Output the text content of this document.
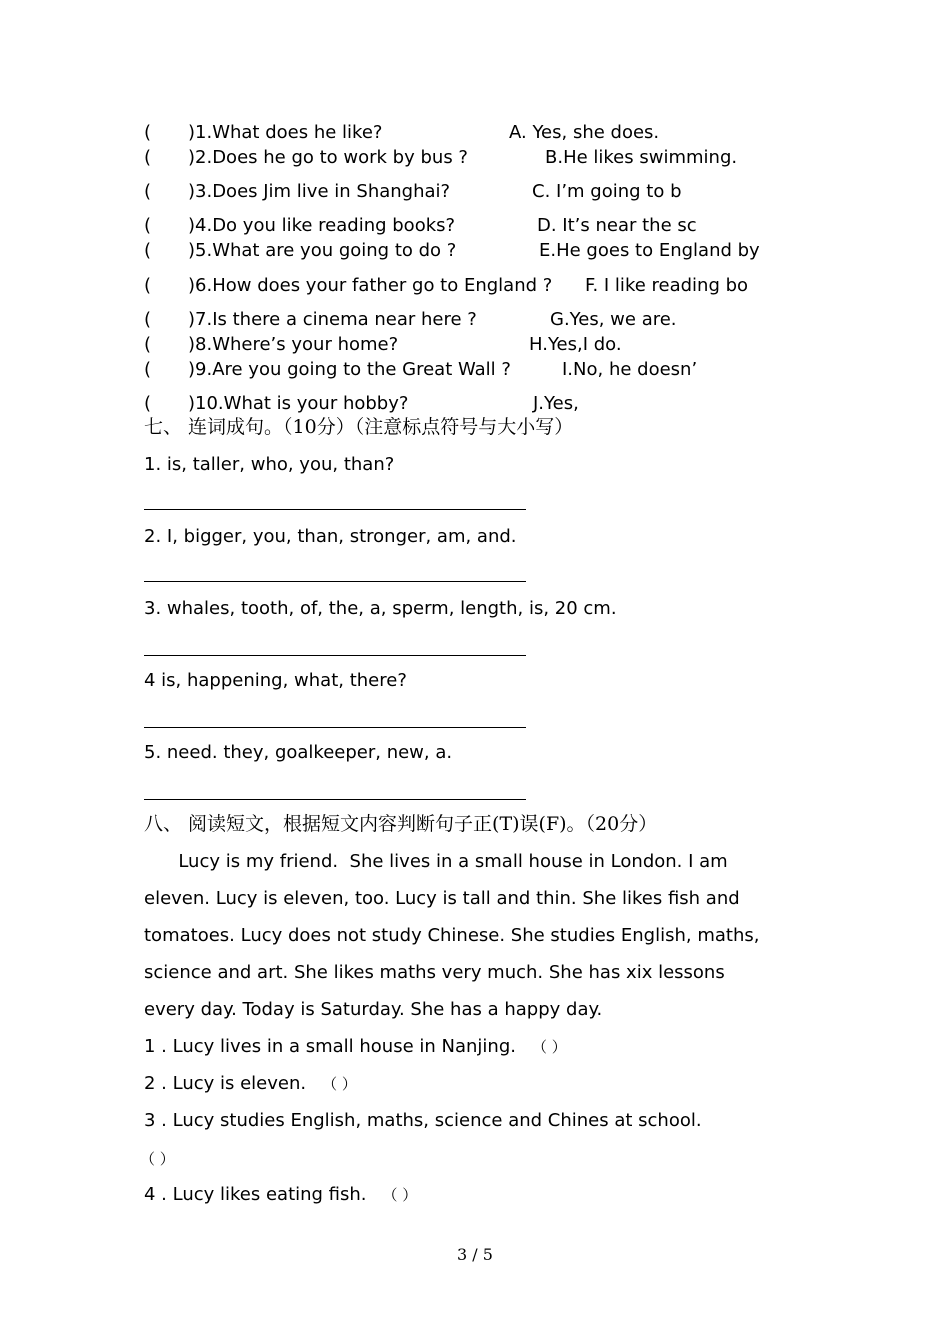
( )1.What does he like?	A. Yes, she does.
( )2.Does he go to work by bus ?	B.He likes swimming.
( )3.Does Jim live in Shanghai?	C. I’m going to b
( )4.Do you like reading books?	D. It’s near the sc
( )5.What are you going to do ?	E.He goes to England by
( )6.How does your father go to England ? F. I like reading bo
( )7.Is there a cinema near here ?	G.Yes, we are.
( )8.Where’s your home?	H.Yes,I do.
( )9.Are you going to the Great Wall ?	I.No, he doesn’
( )10.What is your hobby?	J.Yes,
七、 连词成句。（10分）（注意标点符号与大小写）
1. is, taller, who, you, than?
2. I, bigger, you, than, stronger, am, and.
3. whales, tooth, of, the, a, sperm, length, is, 20 cm.
4 is, happening, what, there?
5. need. they, goalkeeper, new, a.
八、 阅读短文，根据短文内容判断句子正(T)误(F)。（20分）
Lucy is my friend.  She lives in a small house in London. I am
eleven. Lucy is eleven, too. Lucy is tall and thin. She likes fish and
tomatoes. Lucy does not study Chinese. She studies English, maths,
science and art. She likes maths very much. She has xix lessons
every day. Today is Saturday. She has a happy day.
1 . Lucy lives in a small house in Nanjing. （ ）
2 . Lucy is eleven. （ ）
3 . Lucy studies English, maths, science and Chines at school.
（ ）
4 . Lucy likes eating fish. （ ）
3 / 5
